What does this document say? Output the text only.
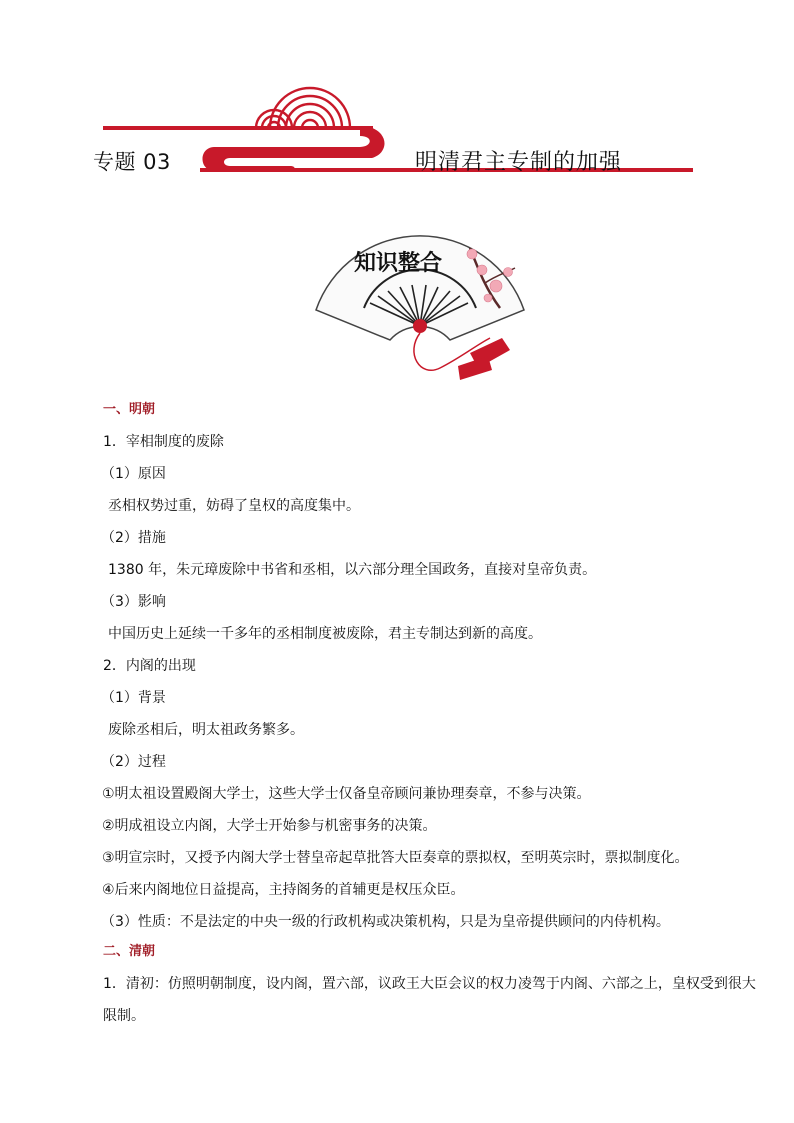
专题 03	明清君主专制的加强
知识整合
一、明朝
1．宰相制度的废除
（1）原因
丞相权势过重，妨碍了皇权的高度集中。
（2）措施
1380 年，朱元璋废除中书省和丞相，以六部分理全国政务，直接对皇帝负责。
（3）影响
中国历史上延续一千多年的丞相制度被废除，君主专制达到新的高度。
2．内阁的出现
（1）背景
废除丞相后，明太祖政务繁多。
（2）过程
①明太祖设置殿阁大学士，这些大学士仅备皇帝顾问兼协理奏章，不参与决策。
②明成祖设立内阁，大学士开始参与机密事务的决策。
③明宣宗时，又授予内阁大学士替皇帝起草批答大臣奏章的票拟权，至明英宗时，票拟制度化。
④后来内阁地位日益提高，主持阁务的首辅更是权压众臣。
（3）性质：不是法定的中央一级的行政机构或决策机构，只是为皇帝提供顾问的内侍机构。
二、清朝
1．清初：仿照明朝制度，设内阁，置六部，议政王大臣会议的权力凌驾于内阁、六部之上，皇权受到很大
限制。
